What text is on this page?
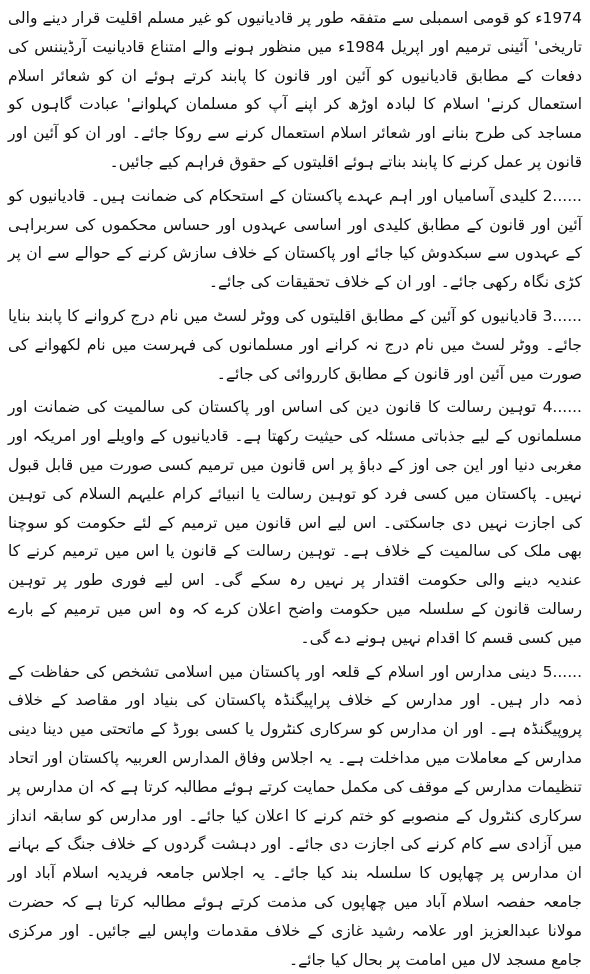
1974ء کو قومی اسمبلی سے متفقہ طور پر قادیانیوں کو غیر مسلم اقلیت قرار دینے والی تاریخی' آئینی ترمیم اور اپریل 1984ء میں منظور ہونے والے امتناع قادیانیت آرڈیننس کی دفعات کے مطابق قادیانیوں کو آئین اور قانون کا پابند کرتے ہوئے ان کو شعائر اسلام استعمال کرنے' اسلام کا لبادہ اوڑھ کر اپنے آپ کو مسلمان کہلوانے' عبادت گاہوں کو مساجد کی طرح بنانے اور شعائر اسلام استعمال کرنے سے روکا جائے۔ اور ان کو آئین اور قانون پر عمل کرنے کا پابند بناتے ہوئے اقلیتوں کے حقوق فراہم کیے جائیں۔

2...... کلیدی آسامیاں اور اہم عہدے پاکستان کے استحکام کی ضمانت ہیں۔ قادیانیوں کو آئین اور قانون کے مطابق کلیدی اور اساسی عہدوں اور حساس محکموں کی سربراہی کے عہدوں سے سبکدوش کیا جائے اور پاکستان کے خلاف سازش کرنے کے حوالے سے ان پر کڑی نگاہ رکھی جائے۔ اور ان کے خلاف تحقیقات کی جائے۔

3...... قادیانیوں کو آئین کے مطابق اقلیتوں کی ووٹر لسٹ میں نام درج کروانے کا پابند بنایا جائے۔ ووٹر لسٹ میں نام درج نہ کرانے اور مسلمانوں کی فہرست میں نام لکھوانے کی صورت میں آئین اور قانون کے مطابق کارروائی کی جائے۔

4...... توہین رسالت کا قانون دین کی اساس اور پاکستان کی سالمیت کی ضمانت اور مسلمانوں کے لیے جذباتی مسئلہ کی حیثیت رکھتا ہے۔ قادیانیوں کے واویلے اور امریکہ اور مغربی دنیا اور این جی اوز کے دباؤ پر اس قانون میں ترمیم کسی صورت میں قابل قبول نہیں۔ پاکستان میں کسی فرد کو توہین رسالت یا انبیائے کرام علیہم السلام کی توہین کی اجازت نہیں دی جاسکتی۔ اس لیے اس قانون میں ترمیم کے لئے حکومت کو سوچنا بھی ملک کی سالمیت کے خلاف ہے۔ توہین رسالت کے قانون یا اس میں ترمیم کرنے کا عندیہ دینے والی حکومت اقتدار پر نہیں رہ سکے گی۔ اس لیے فوری طور پر توہین رسالت قانون کے سلسلہ میں حکومت واضح اعلان کرے کہ وہ اس میں ترمیم کے بارے میں کسی قسم کا اقدام نہیں ہونے دے گی۔

5...... دینی مدارس اور اسلام کے قلعہ اور پاکستان میں اسلامی تشخص کی حفاظت کے ذمہ دار ہیں۔ اور مدارس کے خلاف پراپیگنڈہ پاکستان کی بنیاد اور مقاصد کے خلاف پروپیگنڈہ ہے۔ اور ان مدارس کو سرکاری کنٹرول یا کسی بورڈ کے ماتحتی میں دینا دینی مدارس کے معاملات میں مداخلت ہے۔ یہ اجلاس وفاق المدارس العربیہ پاکستان اور اتحاد تنظیمات مدارس کے موقف کی مکمل حمایت کرتے ہوئے مطالبہ کرتا ہے کہ ان مدارس پر سرکاری کنٹرول کے منصوبے کو ختم کرنے کا اعلان کیا جائے۔ اور مدارس کو سابقہ انداز میں آزادی سے کام کرنے کی اجازت دی جائے۔ اور دہشت گردوں کے خلاف جنگ کے بہانے ان مدارس پر چھاپوں کا سلسلہ بند کیا جائے۔ یہ اجلاس جامعہ فریدیہ اسلام آباد اور جامعہ حفصہ اسلام آباد میں چھاپوں کی مذمت کرتے ہوئے مطالبہ کرتا ہے کہ حضرت مولانا عبدالعزیز اور علامہ رشید غازی کے خلاف مقدمات واپس لیے جائیں۔ اور مرکزی جامع مسجد لال میں امامت پر بحال کیا جائے۔
